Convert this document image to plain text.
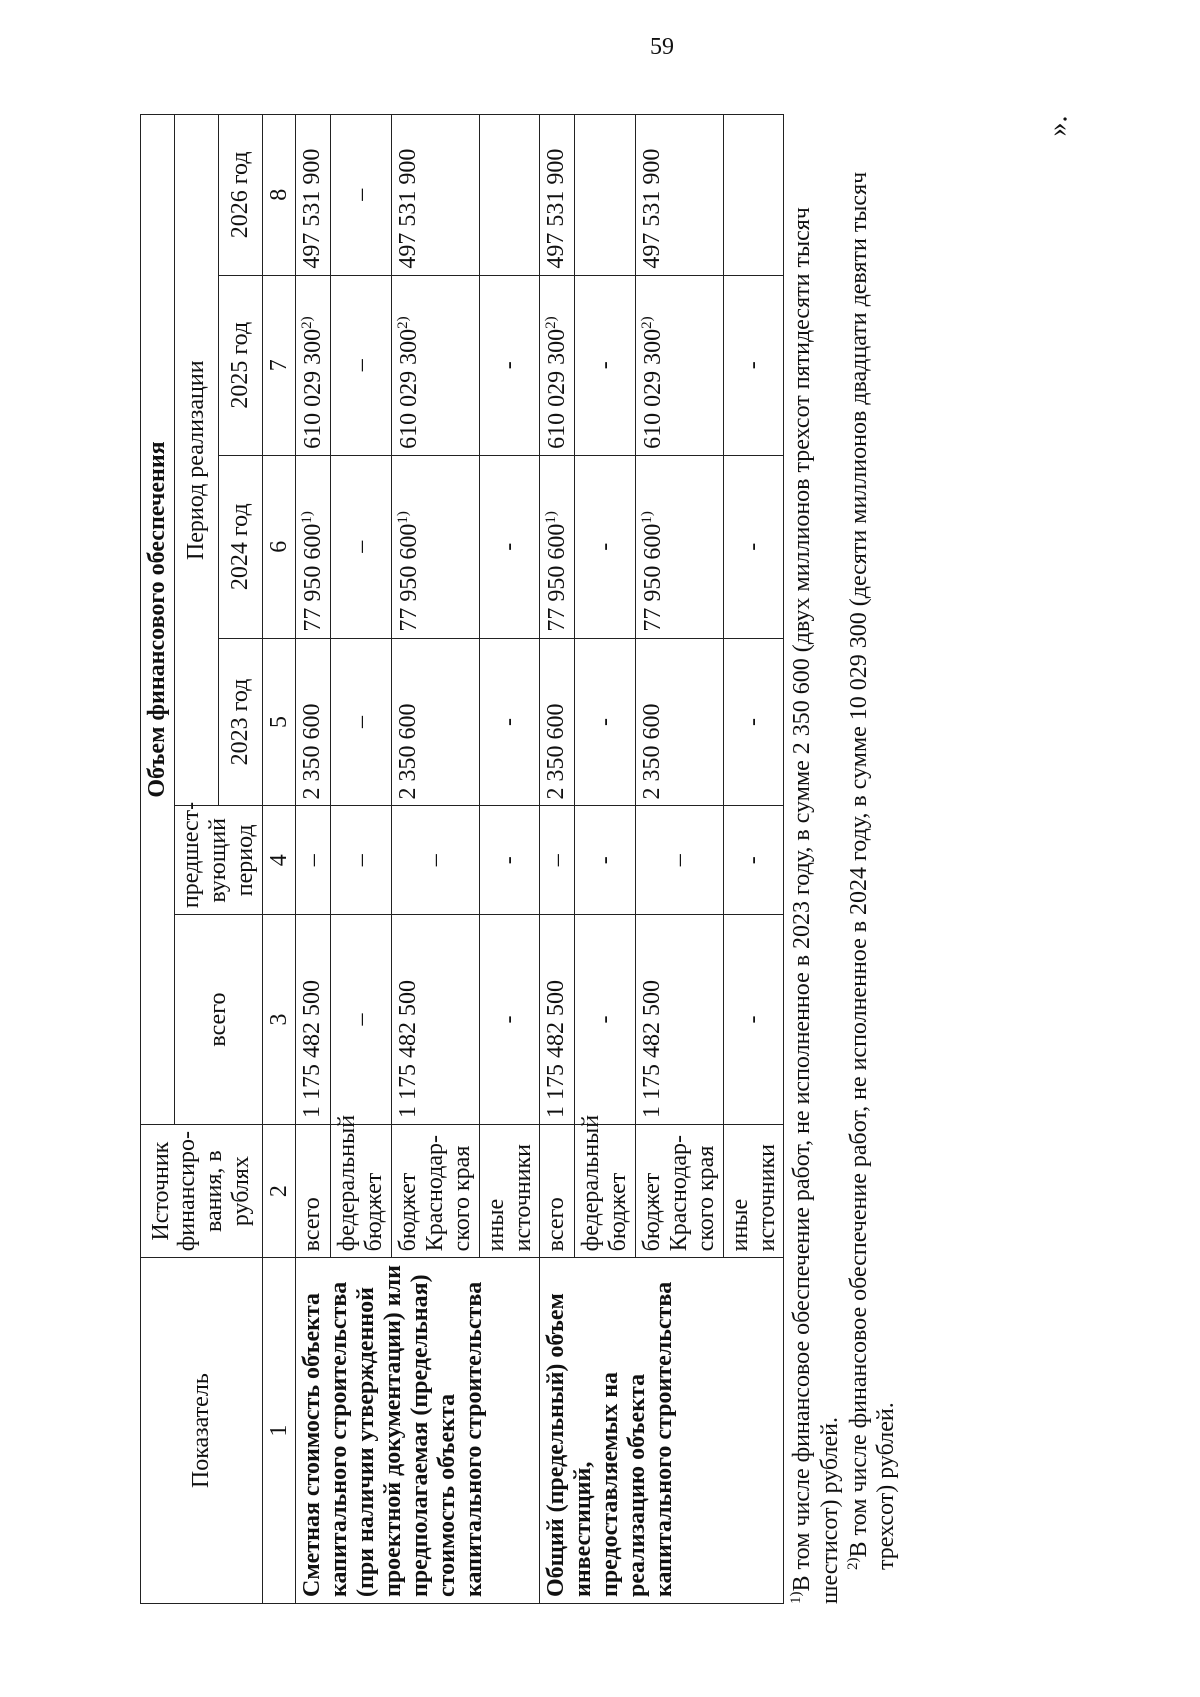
59
».
Показатель	Источник финансиро-вания, в рублях	Объем финансового обеспечения					
		всего	предшест-вующий период	Период реализации			
				2023 год	2024 год	2025 год	2026 год
1	2	3	4	5	6	7	8
Сметная стоимость объекта капитального строительства (при наличии утвержденной проектной документации) или предполагаемая (предельная) стоимость объекта капитального строительства	всего	1 175 482 500	–	2 350 600	77 950 600$^{1)}$	610 029 300$^{2)}$	497 531 900
	федеральный бюджет	–	–	–	–	–	–
	бюджет Краснодар-ского края	1 175 482 500	–	2 350 600	77 950 600$^{1)}$	610 029 300$^{2)}$	497 531 900
	иные источники	-	-	-	-	-	
Общий (предельный) объем инвестиций, предоставляемых на реализацию объекта капитального строительства	всего	1 175 482 500	–	2 350 600	77 950 600$^{1)}$	610 029 300$^{2)}$	497 531 900
	федеральный бюджет	-	-	-	-	-	
	бюджет Краснодар-ского края	1 175 482 500	–	2 350 600	77 950 600$^{1)}$	610 029 300$^{2)}$	497 531 900
	иные источники	-	-	-	-	-	

$^{1)}$В том числе финансовое обеспечение работ, не исполненное в 2023 году, в сумме 2 350 600 (двух миллионов трехсот пятидесяти тысяч шестисот) рублей. $^{2)}$В том числе финансовое обеспечение работ, не исполненное в 2024 году, в сумме 10 029 300 (десяти миллионов двадцати девяти тысяч трехсот) рублей.
